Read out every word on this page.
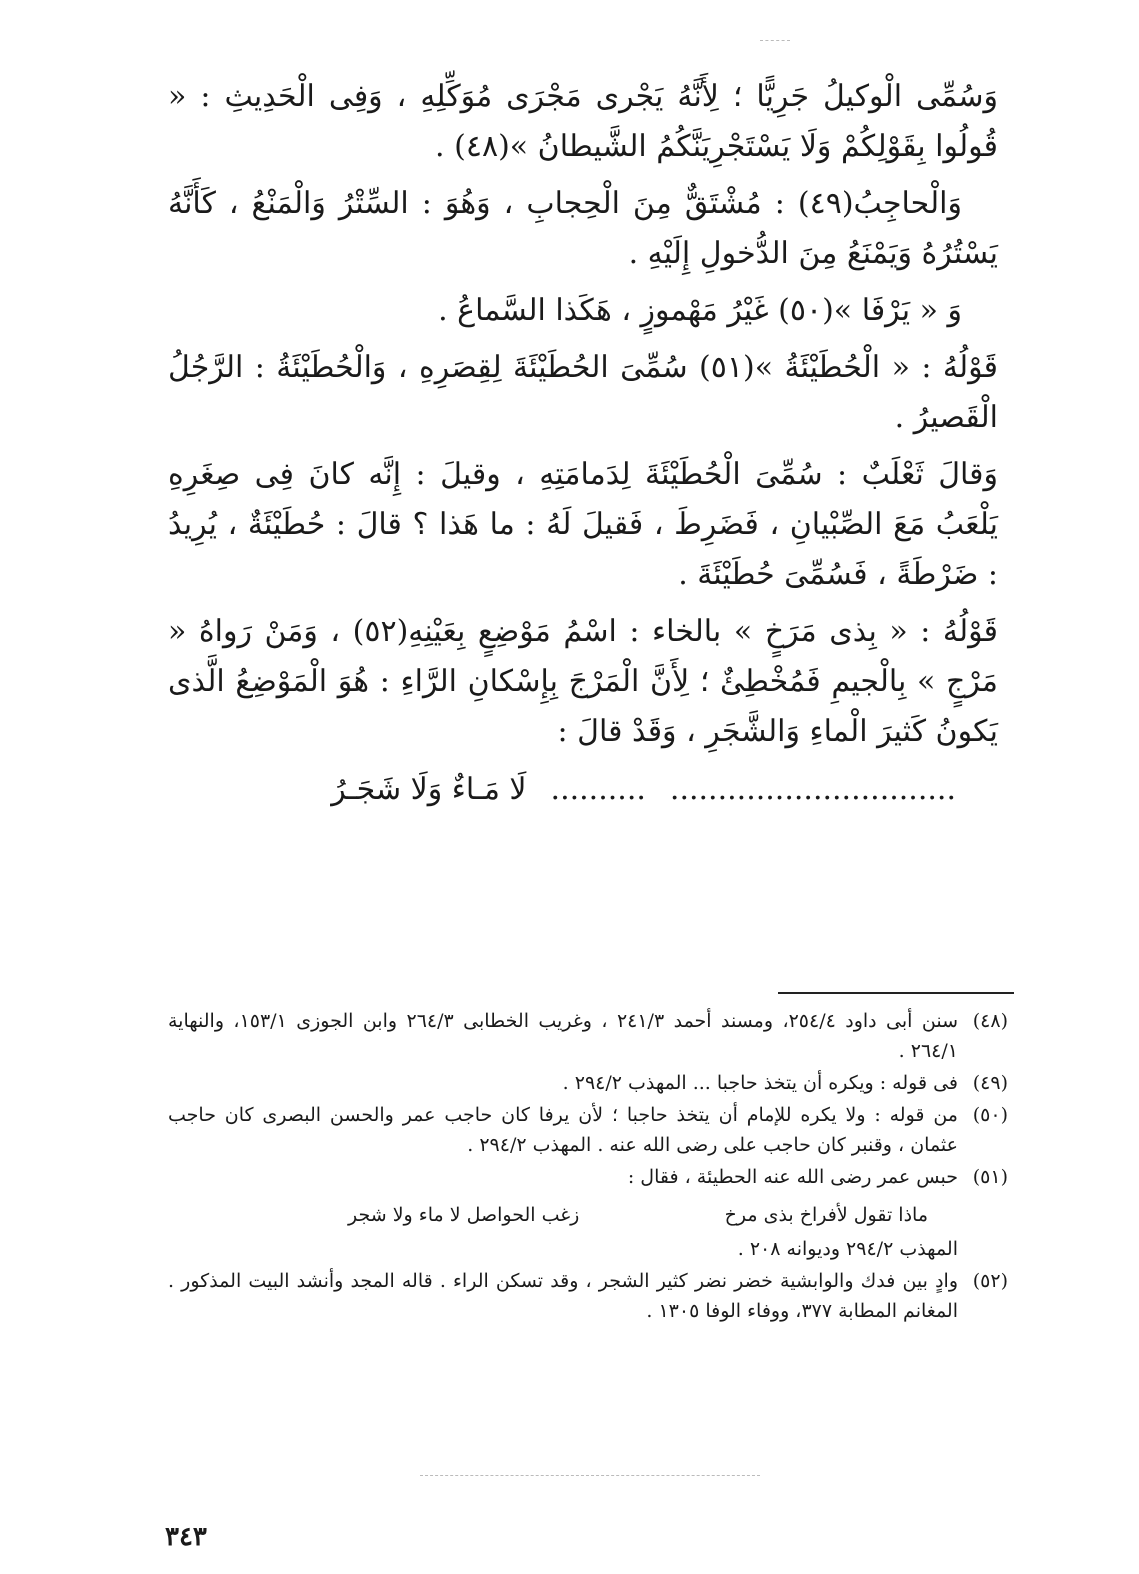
وَسُمِّى الْوكيلُ جَرِيًّا ؛ لِأَنَّهُ يَجْرى مَجْرَى مُوَكِّلِهِ ، وَفِى الْحَدِيثِ : « قُولُوا بِقَوْلِكُمْ وَلَا يَسْتَجْرِيَنَّكُمُ الشَّيطانُ »(٤٨) .

وَالْحاجِبُ(٤٩) : مُشْتَقٌّ مِنَ الْحِجابِ ، وَهُوَ : السِّتْرُ وَالْمَنْعُ ، كَأَنَّهُ يَسْتُرُهُ وَيَمْنَعُ مِنَ الدُّخولِ إِلَيْهِ .

وَ « يَرْفَا »(٥٠) غَيْرُ مَهْموزٍ ، هَكَذا السَّماعُ .

قَوْلُهُ : « الْحُطَيْئَةُ »(٥١) سُمِّىَ الحُطَيْئَةَ لِقِصَرِهِ ، وَالْحُطَيْئَةُ : الرَّجُلُ الْقَصيرُ .

وَقالَ ثَعْلَبٌ : سُمِّىَ الْحُطَيْئَةَ لِدَمامَتِهِ ، وقيلَ : إِنَّه كانَ فِى صِغَرِهِ يَلْعَبُ مَعَ الصِّبْيانِ ، فَضَرِطَ ، فَقيلَ لَهُ : ما هَذا ؟ قالَ : حُطَيْئَةٌ ، يُرِيدُ : ضَرْطَةً ، فَسُمِّىَ حُطَيْئَةَ .

قَوْلُهُ : « بِذى مَرَخٍ » بالخاء : اسْمُ مَوْضِعٍ بِعَيْنِهِ(٥٢) ، وَمَنْ رَواهُ « مَرْجٍ » بِالْجيمِ فَمُخْطِئٌ ؛ لِأَنَّ الْمَرْجَ بِإِسْكانِ الرَّاءِ : هُوَ الْمَوْضِعُ الَّذى يَكونُ كَثيرَ الْماءِ وَالشَّجَرِ ، وَقَدْ قالَ :

..............................
..........
لَا مَـاءٌ وَلَا شَجَـرُ
(٤٨)
سنن أبى داود ٢٥٤/٤، ومسند أحمد ٢٤١/٣ ، وغريب الخطابى ٢٦٤/٣ وابن الجوزى ١٥٣/١، والنهاية ٢٦٤/١ .
(٤٩)
فى قوله : ويكره أن يتخذ حاجبا ... المهذب ٢٩٤/٢ .
(٥٠)
من قوله : ولا يكره للإمام أن يتخذ حاجبا ؛ لأن يرفا كان حاجب عمر والحسن البصرى كان حاجب عثمان ، وقنبر كان حاجب على رضى الله عنه . المهذب ٢٩٤/٢ .
(٥١)
حبس عمر رضى الله عنه الحطيئة ، فقال :
ماذا تقول لأفراخ بذى مرخ
زغب الحواصل لا ماء ولا شجر
المهذب ٢٩٤/٢ وديوانه ٢٠٨ .
(٥٢)
وادٍ بين فدك والوابشية خضر نضر كثير الشجر ، وقد تسكن الراء . قاله المجد وأنشد البيت المذكور . المغانم المطابة ٣٧٧، ووفاء الوفا ١٣٠٥ .
٣٤٣
